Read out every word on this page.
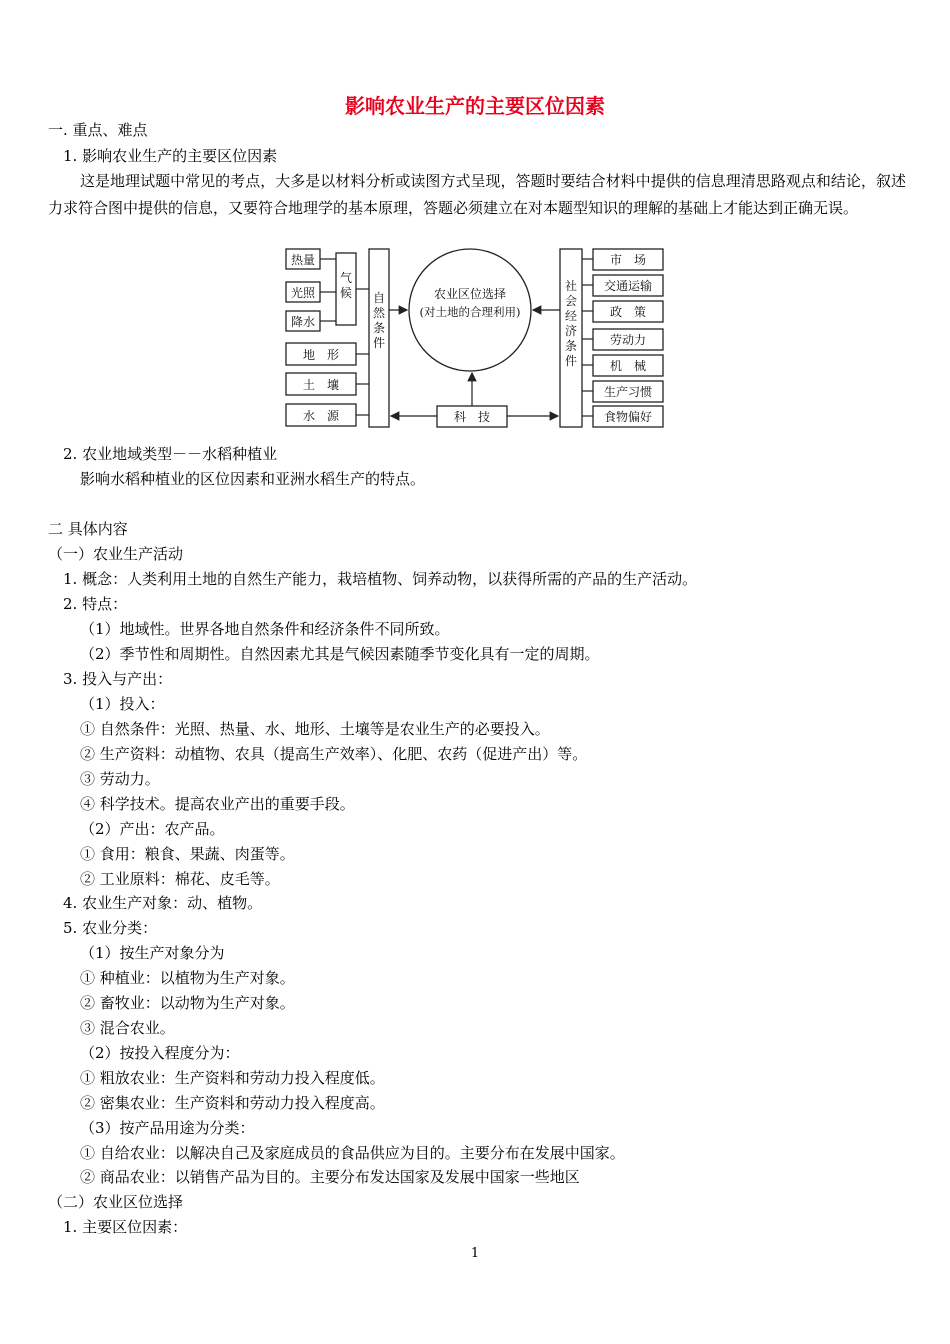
影响农业生产的主要区位因素
一. 重点、难点
1. 影响农业生产的主要区位因素
这是地理试题中常见的考点，大多是以材料分析或读图方式呈现，答题时要结合材料中提供的信息理清思路观点和结论，叙述力求符合图中提供的信息，又要符合地理学的基本原理，答题必须建立在对本题型知识的理解的基础上才能达到正确无误。
热量
光照
降水
气候
地　形
土　壤
水　源
自然条件
农业区位选择
(对土地的合理利用)
科　技
社会经济条件
市　场
交通运输
政　策
劳动力
机　械
生产习惯
食物偏好
2. 农业地域类型－－水稻种植业
影响水稻种植业的区位因素和亚洲水稻生产的特点。
二 具体内容
（一）农业生产活动
1. 概念：人类利用土地的自然生产能力，栽培植物、饲养动物，以获得所需的产品的生产活动。
2. 特点：
（1）地域性。世界各地自然条件和经济条件不同所致。
（2）季节性和周期性。自然因素尤其是气候因素随季节变化具有一定的周期。
3. 投入与产出：
（1）投入：
① 自然条件：光照、热量、水、地形、土壤等是农业生产的必要投入。
② 生产资料：动植物、农具（提高生产效率）、化肥、农药（促进产出）等。
③ 劳动力。
④ 科学技术。提高农业产出的重要手段。
（2）产出：农产品。
① 食用：粮食、果蔬、肉蛋等。
② 工业原料：棉花、皮毛等。
4. 农业生产对象：动、植物。
5. 农业分类：
（1）按生产对象分为
① 种植业：以植物为生产对象。
② 畜牧业：以动物为生产对象。
③ 混合农业。
（2）按投入程度分为：
① 粗放农业：生产资料和劳动力投入程度低。
② 密集农业：生产资料和劳动力投入程度高。
（3）按产品用途为分类：
① 自给农业：以解决自己及家庭成员的食品供应为目的。主要分布在发展中国家。
② 商品农业：以销售产品为目的。主要分布发达国家及发展中国家一些地区
（二）农业区位选择
1. 主要区位因素：
1
